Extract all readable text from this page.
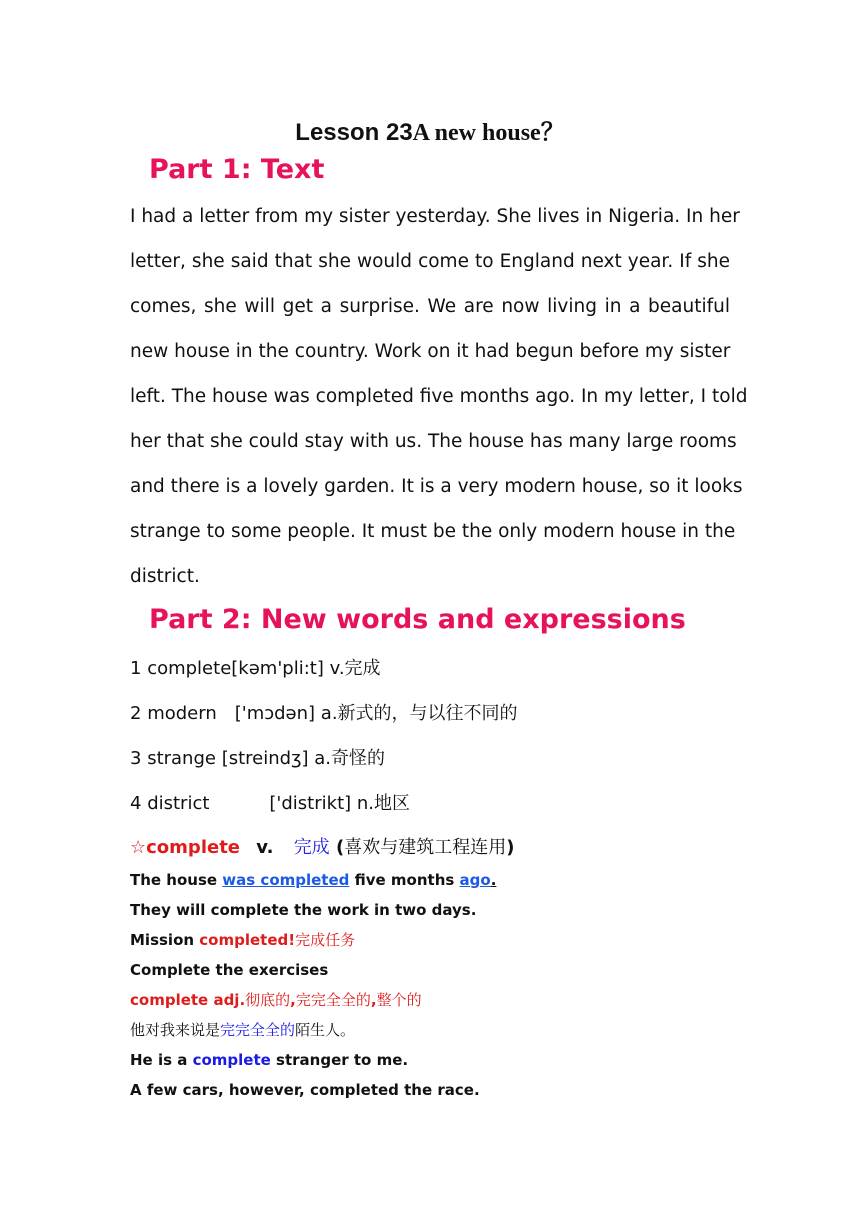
Lesson 23A new house？
Part 1: Text
I had a letter from my sister yesterday. She lives in Nigeria. In her
letter, she said that she would come to England next year. If she
comes, she will get a surprise. We are now living in a beautiful
new house in the country. Work on it had begun before my sister
left. The house was completed five months ago. In my letter, I told
her that she could stay with us. The house has many large rooms
and there is a lovely garden. It is a very modern house, so it looks
strange to some people. It must be the only modern house in the
district.
Part 2: New words and expressions
1 complete[kəm'pli:t] v.完成
2 modern ['mɔdən] a.新式的，与以往不同的
3 strange [streindʒ] a.奇怪的
4 district	['distrikt] n.地区
☆complete v. 完成 (喜欢与建筑工程连用)
The house was completed five months ago.
They will complete the work in two days.
Mission completed!完成任务
Complete the exercises
complete adj.彻底的,完完全全的,整个的
他对我来说是完完全全的陌生人。
He is a complete stranger to me.
A few cars, however, completed the race.
